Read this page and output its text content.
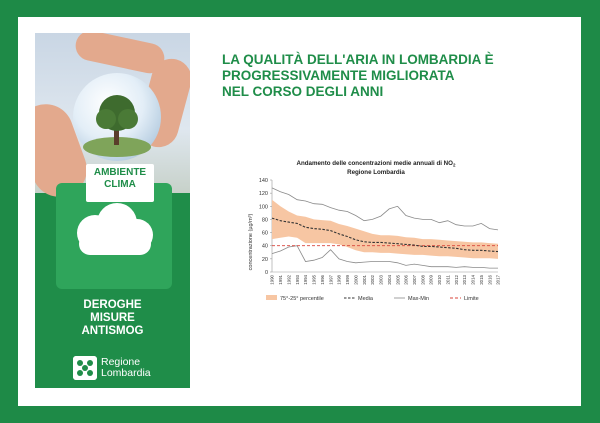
AMBIENTE
CLIMA
DEROGHE
MISURE
ANTISMOG
Regione
Lombardia
LA QUALITÀ DELL'ARIA IN LOMBARDIA È
PROGRESSIVAMENTE MIGLIORATA
NEL CORSO DEGLI ANNI
Andamento delle concentrazioni medie annuali di $NO_2$
Regione Lombardia
concentrazione (µg/m³)
0
20
40
60
80
100
120
140
1990 1991 1992 1993 1994 1995 1996 1997 1998 1999 2000 2001 2002 2003 2004 2005 2006 2007 2008 2009 2010 2011 2012 2013 2014 2015 2016 2017
75°-25° percentile	Media	Max-Min	Limite
